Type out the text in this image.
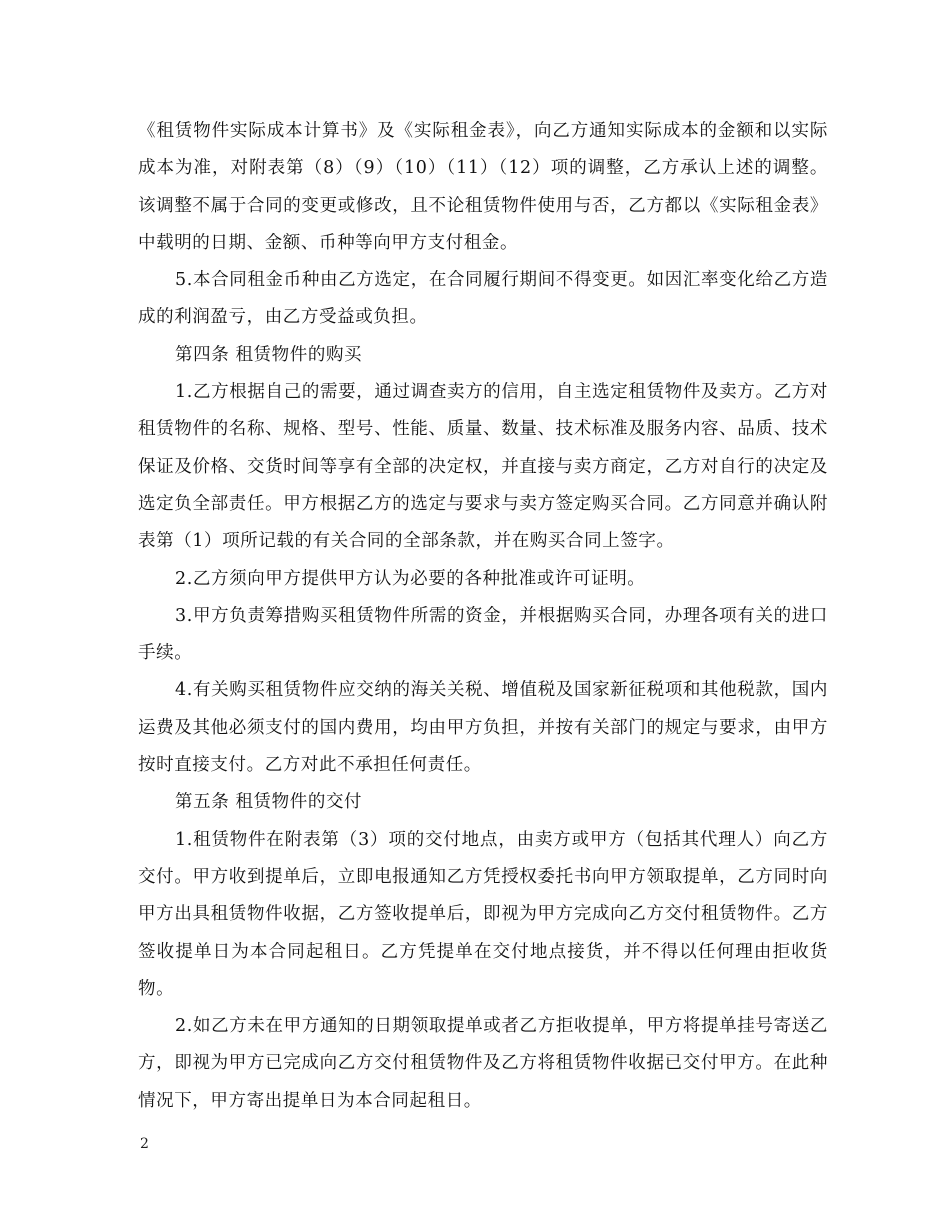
《租赁物件实际成本计算书》及《实际租金表》，向乙方通知实际成本的金额和以实际成本为准，对附表第（8）（9）（10）（11）（12）项的调整，乙方承认上述的调整。该调整不属于合同的变更或修改，且不论租赁物件使用与否，乙方都以《实际租金表》中载明的日期、金额、币种等向甲方支付租金。

5.本合同租金币种由乙方选定，在合同履行期间不得变更。如因汇率变化给乙方造成的利润盈亏，由乙方受益或负担。

第四条 租赁物件的购买

1.乙方根据自己的需要，通过调查卖方的信用，自主选定租赁物件及卖方。乙方对租赁物件的名称、规格、型号、性能、质量、数量、技术标准及服务内容、品质、技术保证及价格、交货时间等享有全部的决定权，并直接与卖方商定，乙方对自行的决定及选定负全部责任。甲方根据乙方的选定与要求与卖方签定购买合同。乙方同意并确认附表第（1）项所记载的有关合同的全部条款，并在购买合同上签字。

2.乙方须向甲方提供甲方认为必要的各种批准或许可证明。

3.甲方负责筹措购买租赁物件所需的资金，并根据购买合同，办理各项有关的进口手续。

4.有关购买租赁物件应交纳的海关关税、增值税及国家新征税项和其他税款，国内运费及其他必须支付的国内费用，均由甲方负担，并按有关部门的规定与要求，由甲方按时直接支付。乙方对此不承担任何责任。

第五条 租赁物件的交付

1.租赁物件在附表第（3）项的交付地点，由卖方或甲方（包括其代理人）向乙方交付。甲方收到提单后，立即电报通知乙方凭授权委托书向甲方领取提单，乙方同时向甲方出具租赁物件收据，乙方签收提单后，即视为甲方完成向乙方交付租赁物件。乙方签收提单日为本合同起租日。乙方凭提单在交付地点接货，并不得以任何理由拒收货物。

2.如乙方未在甲方通知的日期领取提单或者乙方拒收提单，甲方将提单挂号寄送乙方，即视为甲方已完成向乙方交付租赁物件及乙方将租赁物件收据已交付甲方。在此种情况下，甲方寄出提单日为本合同起租日。

2
